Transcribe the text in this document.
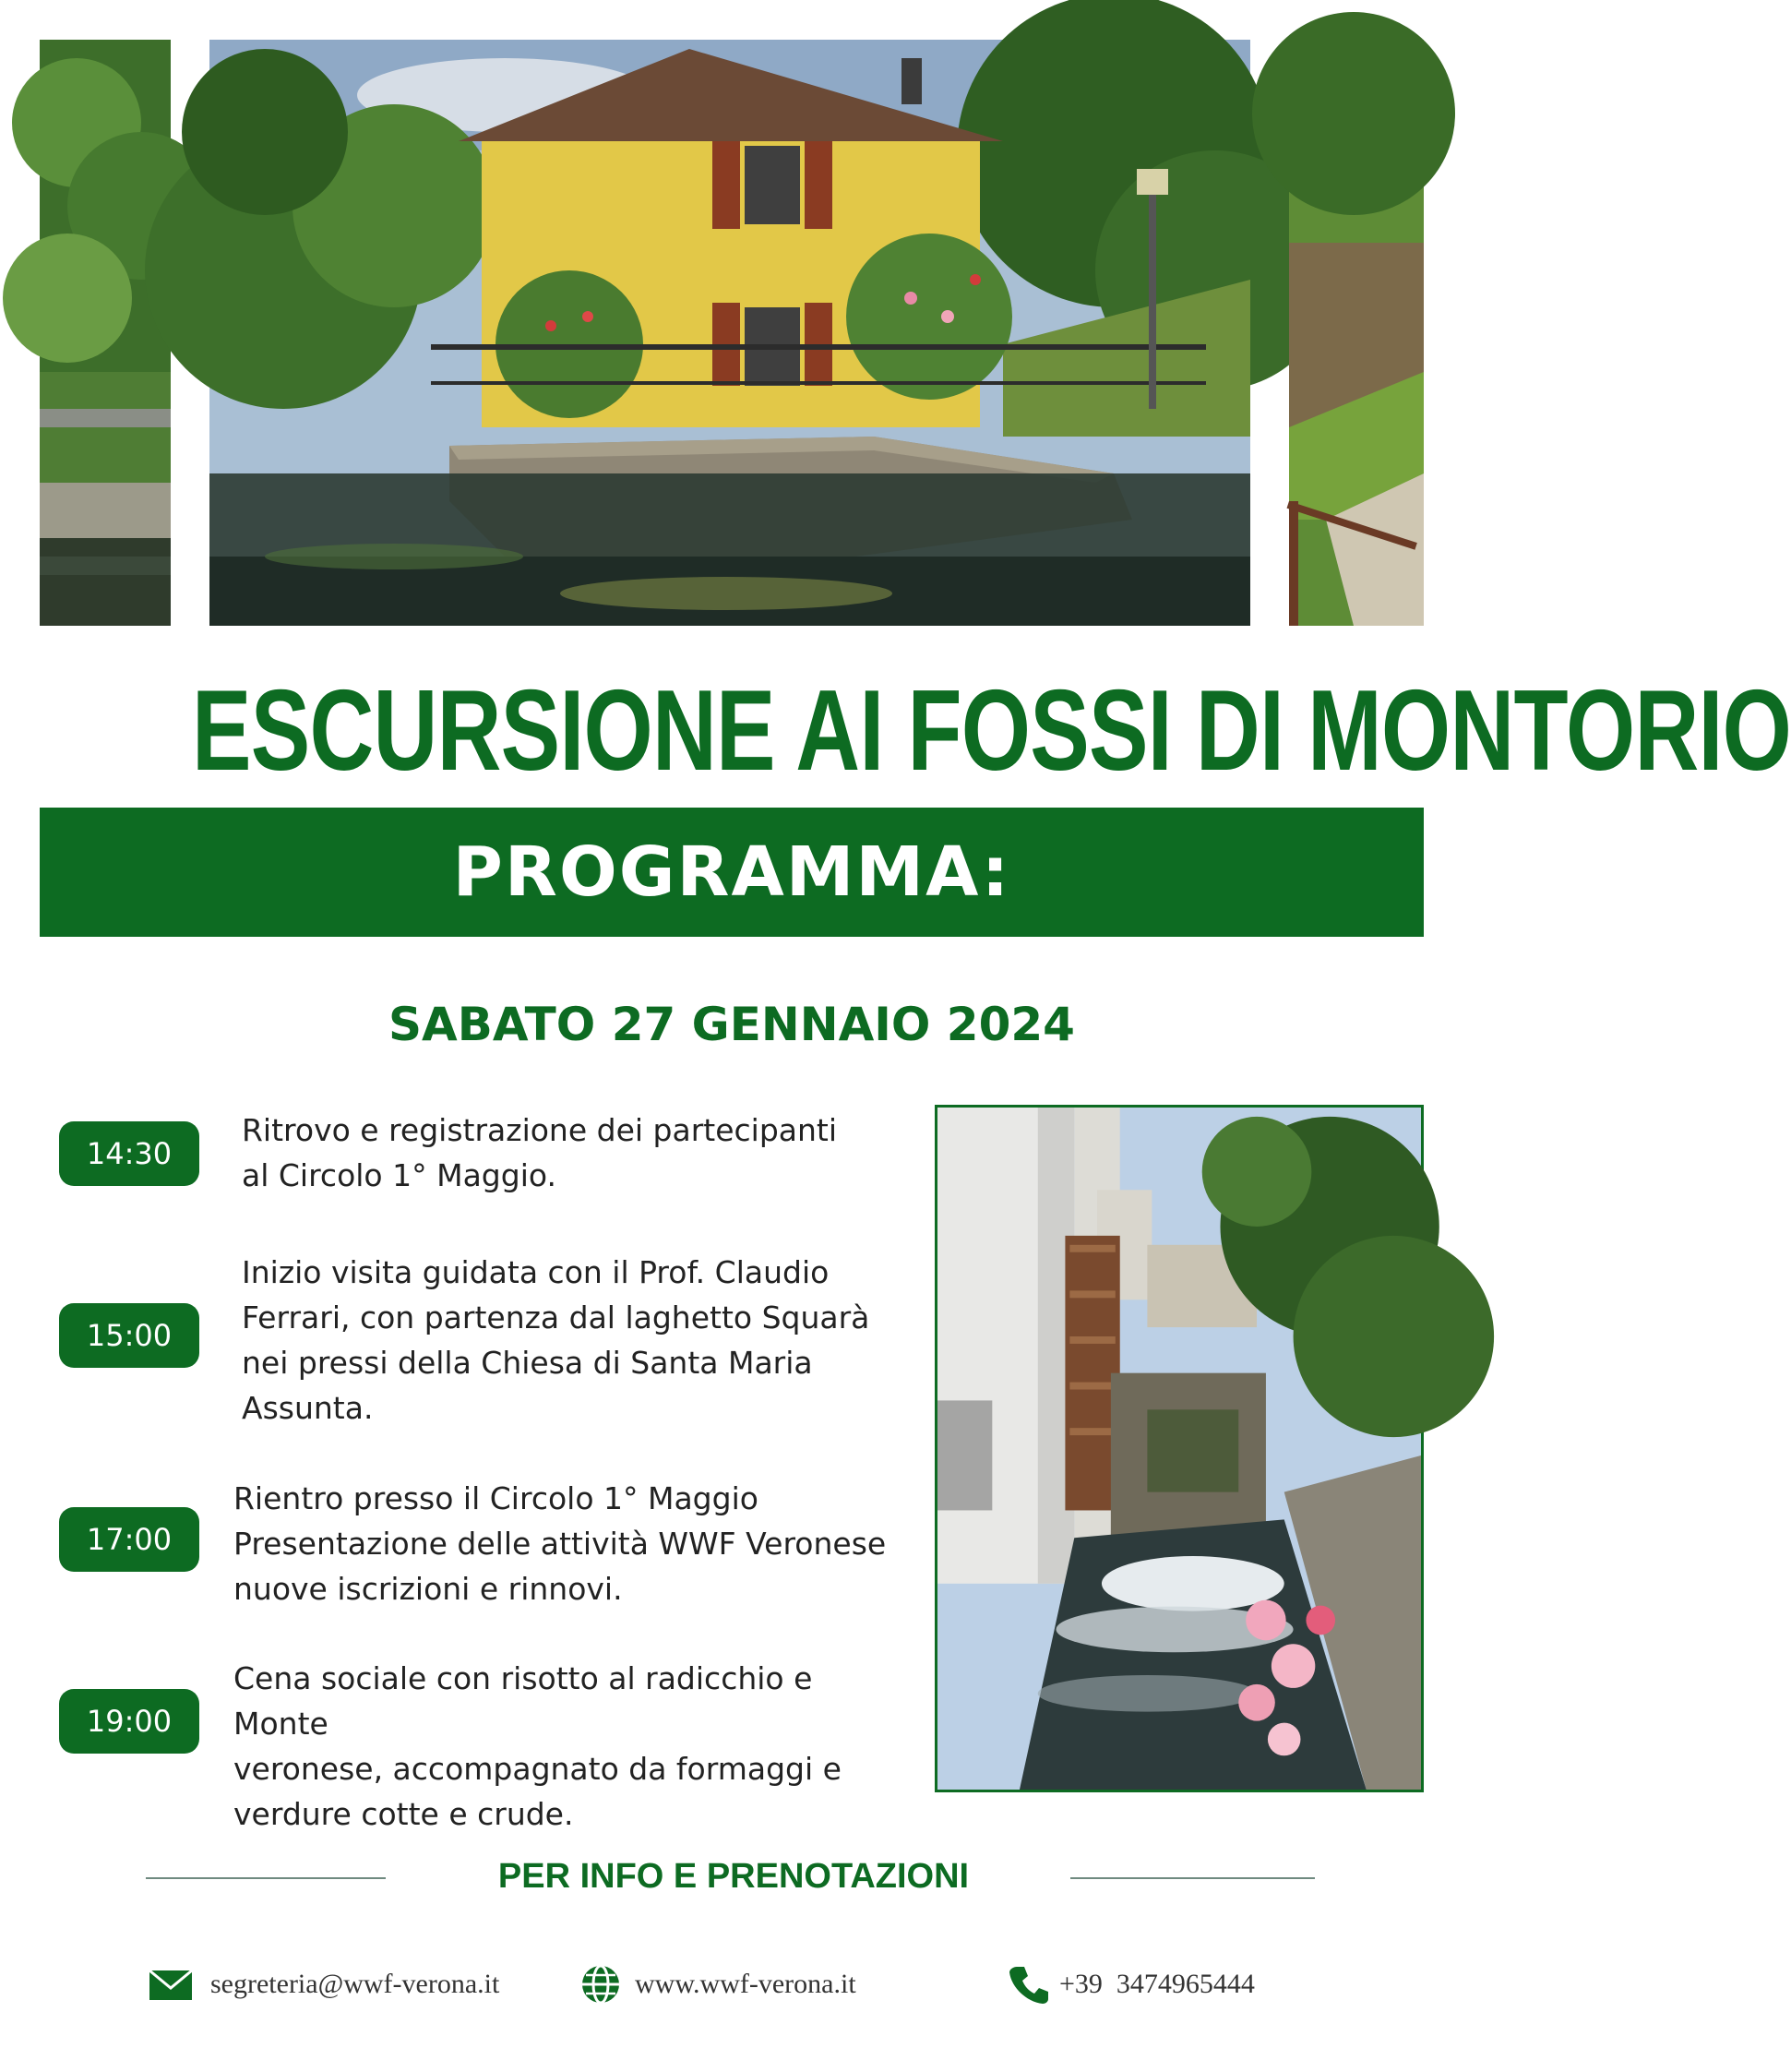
ESCURSIONE AI FOSSI DI MONTORIO
PROGRAMMA:
SABATO 27 GENNAIO 2024
14:30
Ritrovo e registrazione dei partecipanti
al Circolo 1° Maggio.
15:00
Inizio visita guidata con il Prof. Claudio
Ferrari, con partenza dal laghetto Squarà
nei pressi della Chiesa di Santa Maria
Assunta.
17:00
Rientro presso il Circolo 1° Maggio
Presentazione delle attività WWF Veronese
nuove iscrizioni e rinnovi.
19:00
Cena sociale con risotto al radicchio e Monte
veronese, accompagnato da formaggi e
verdure cotte e crude.
PER INFO E PRENOTAZIONI
segreteria@wwf-verona.it	www.wwf-verona.it	+39  3474965444
